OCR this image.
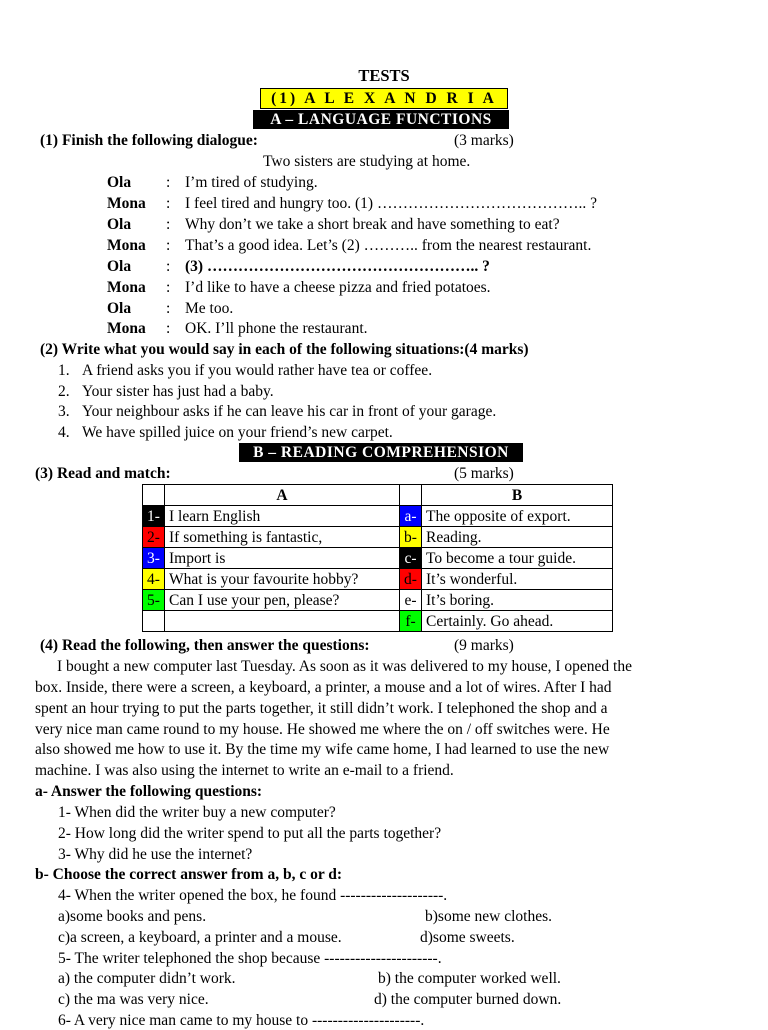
TESTS
(1) A L E X A N D R I A
A – LANGUAGE FUNCTIONS
(1) Finish the following dialogue:	(3 marks)
Two sisters are studying at home.
Ola : I’m tired of studying.
Mona : I feel tired and hungry too. (1) ………………………………….. ?
Ola : Why don’t we take a short break and have something to eat?
Mona : That’s a good idea. Let’s (2) ……….. from the nearest restaurant.
Ola : (3) …………………………………………….. ?
Mona : I’d like to have a cheese pizza and fried potatoes.
Ola : Me too.
Mona : OK. I’ll phone the restaurant.
(2) Write what you would say in each of the following situations:(4 marks)
1. A friend asks you if you would rather have tea or coffee.
2. Your sister has just had a baby.
3. Your neighbour asks if he can leave his car in front of your garage.
4. We have spilled juice on your friend’s new carpet.
B – READING COMPREHENSION
(3) Read and match:	(5 marks)
	A		B
1-	I learn English	a-	The opposite of export.
2-	If something is fantastic,	b-	Reading.
3-	Import is	c-	To become a tour guide.
4-	What is your favourite hobby?	d-	It’s wonderful.
5-	Can I use your pen, please?	e-	It’s boring.
		f-	Certainly. Go ahead.
(4) Read the following, then answer the questions:	(9 marks)
I bought a new computer last Tuesday. As soon as it was delivered to my house, I opened the
box. Inside, there were a screen, a keyboard, a printer, a mouse and a lot of wires. After I had
spent an hour trying to put the parts together, it still didn’t work. I telephoned the shop and a
very nice man came round to my house. He showed me where the on / off switches were. He
also showed me how to use it. By the time my wife came home, I had learned to use the new
machine. I was also using the internet to write an e-mail to a friend.
a- Answer the following questions:
1- When did the writer buy a new computer?
2- How long did the writer spend to put all the parts together?
3- Why did he use the internet?
b- Choose the correct answer from a, b, c or d:
4- When the writer opened the box, he found --------------------.
a)some books and pens.	b)some new clothes.
c)a screen, a keyboard, a printer and a mouse.	d)some sweets.
5- The writer telephoned the shop because ----------------------.
a) the computer didn’t work.	b) the computer worked well.
c) the ma was very nice.	d) the computer burned down.
6- A very nice man came to my house to ---------------------.
